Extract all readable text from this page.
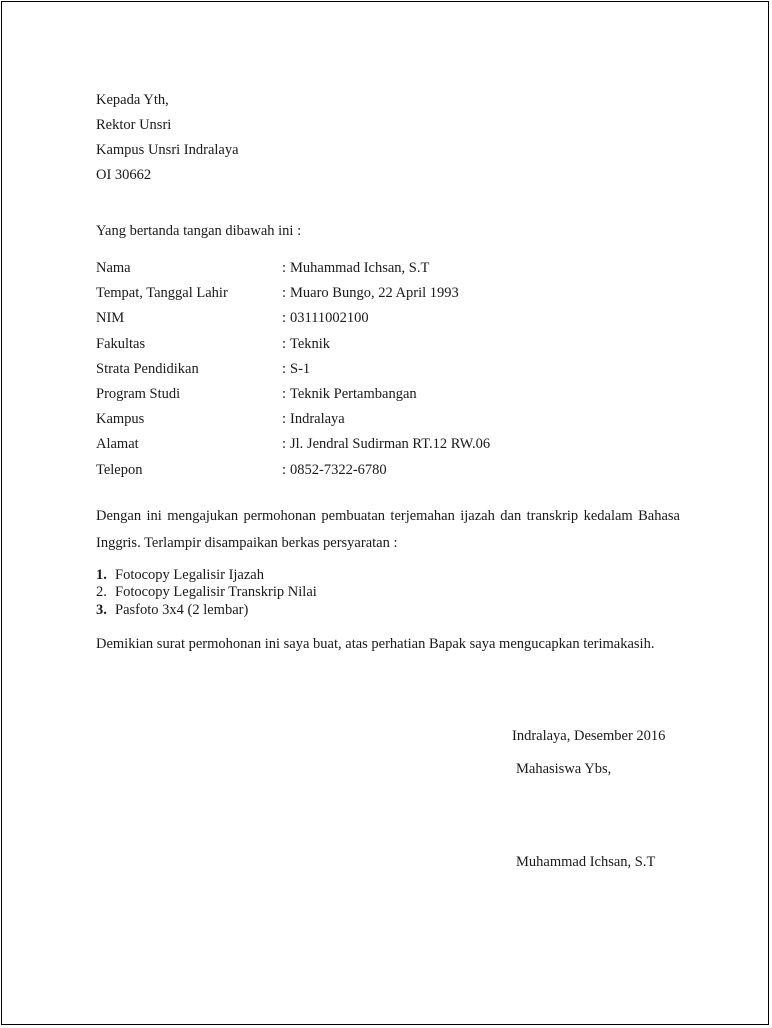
Kepada Yth,
Rektor Unsri
Kampus Unsri Indralaya
OI 30662
Yang bertanda tangan dibawah ini :
Nama	: Muhammad Ichsan, S.T
Tempat, Tanggal Lahir	: Muaro Bungo, 22 April 1993
NIM	: 03111002100
Fakultas	: Teknik
Strata Pendidikan	: S-1
Program Studi	: Teknik Pertambangan
Kampus	: Indralaya
Alamat	: Jl. Jendral Sudirman RT.12 RW.06
Telepon	: 0852-7322-6780
Dengan ini mengajukan permohonan pembuatan terjemahan ijazah dan transkrip kedalam Bahasa Inggris. Terlampir disampaikan berkas persyaratan :
1. Fotocopy Legalisir Ijazah
2. Fotocopy Legalisir Transkrip Nilai
3. Pasfoto 3x4 (2 lembar)
Demikian surat permohonan ini saya buat, atas perhatian Bapak saya mengucapkan terimakasih.
Indralaya, Desember 2016
Mahasiswa Ybs,
Muhammad Ichsan, S.T
